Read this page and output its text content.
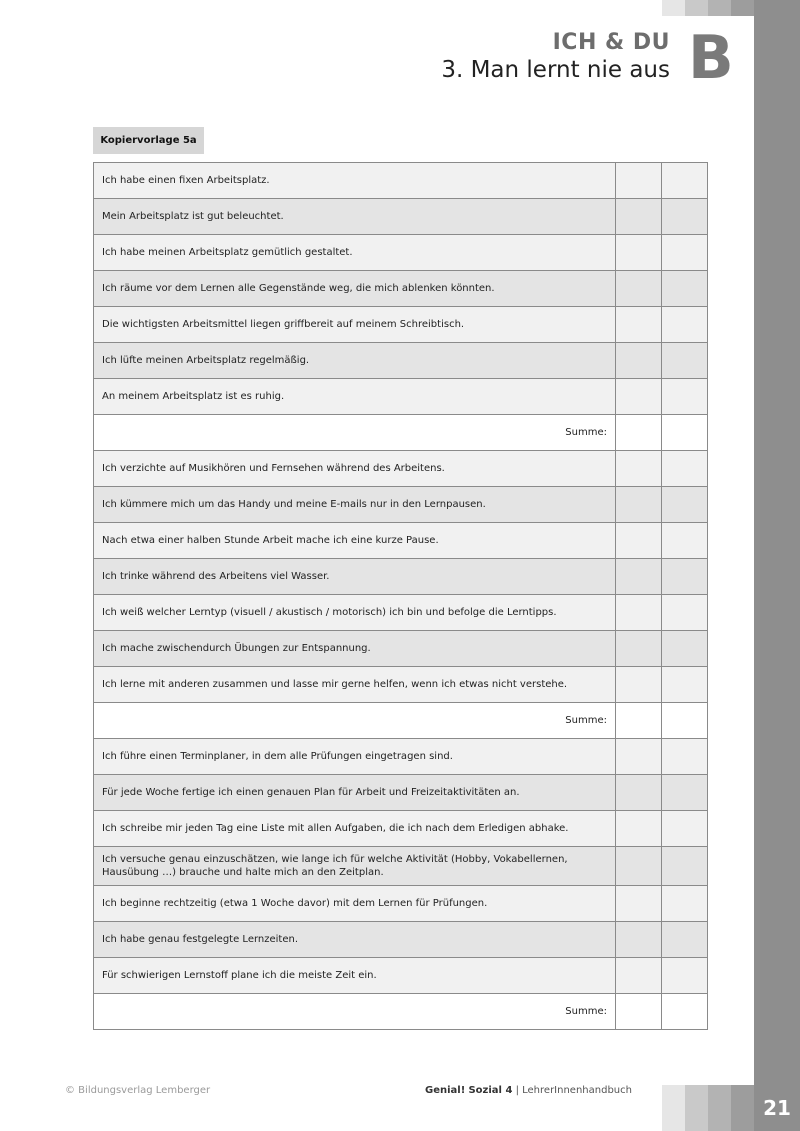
ICH & DU
3. Man lernt nie aus B
Kopiervorlage 5a
Ich habe einen fixen Arbeitsplatz.		
Mein Arbeitsplatz ist gut beleuchtet.		
Ich habe meinen Arbeitsplatz gemütlich gestaltet.		
Ich räume vor dem Lernen alle Gegenstände weg, die mich ablenken könnten.		
Die wichtigsten Arbeitsmittel liegen griffbereit auf meinem Schreibtisch.		
Ich lüfte meinen Arbeitsplatz regelmäßig.		
An meinem Arbeitsplatz ist es ruhig.		
Summe:		
Ich verzichte auf Musikhören und Fernsehen während des Arbeitens.		
Ich kümmere mich um das Handy und meine E-mails nur in den Lernpausen.		
Nach etwa einer halben Stunde Arbeit mache ich eine kurze Pause.		
Ich trinke während des Arbeitens viel Wasser.		
Ich weiß welcher Lerntyp (visuell / akustisch / motorisch) ich bin und befolge die Lerntipps.		
Ich mache zwischendurch Übungen zur Entspannung.		
Ich lerne mit anderen zusammen und lasse mir gerne helfen, wenn ich etwas nicht verstehe.		
Summe:		
Ich führe einen Terminplaner, in dem alle Prüfungen eingetragen sind.		
Für jede Woche fertige ich einen genauen Plan für Arbeit und Freizeitaktivitäten an.		
Ich schreibe mir jeden Tag eine Liste mit allen Aufgaben, die ich nach dem Erledigen abhake.		
Ich versuche genau einzuschätzen, wie lange ich für welche Aktivität (Hobby, Vokabellernen, Hausübung …) brauche und halte mich an den Zeitplan.		
Ich beginne rechtzeitig (etwa 1 Woche davor) mit dem Lernen für Prüfungen.		
Ich habe genau festgelegte Lernzeiten.		
Für schwierigen Lernstoff plane ich die meiste Zeit ein.		
Summe:		
© Bildungsverlag Lemberger	Genial! Sozial 4 | LehrerInnenhandbuch
21
